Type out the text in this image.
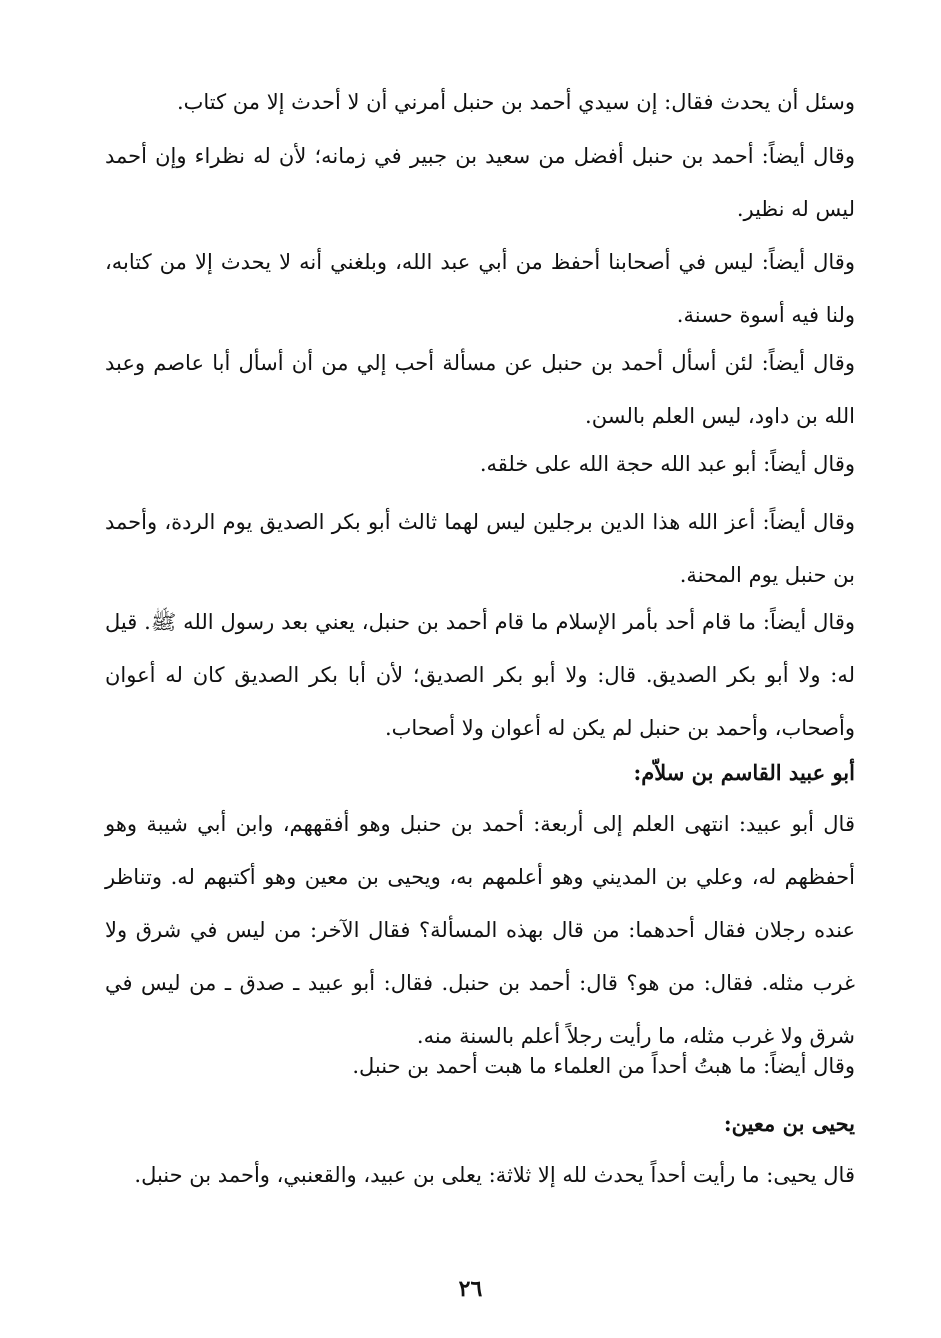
وسئل أن يحدث فقال: إن سيدي أحمد بن حنبل أمرني أن لا أحدث إلا من كتاب.
وقال أيضاً: أحمد بن حنبل أفضل من سعيد بن جبير في زمانه؛ لأن له نظراء وإن أحمد ليس له نظير.
وقال أيضاً: ليس في أصحابنا أحفظ من أبي عبد الله، وبلغني أنه لا يحدث إلا من كتابه، ولنا فيه أسوة حسنة.
وقال أيضاً: لئن أسأل أحمد بن حنبل عن مسألة أحب إلي من أن أسأل أبا عاصم وعبد الله بن داود، ليس العلم بالسن.
وقال أيضاً: أبو عبد الله حجة الله على خلقه.
وقال أيضاً: أعز الله هذا الدين برجلين ليس لهما ثالث أبو بكر الصديق يوم الردة، وأحمد بن حنبل يوم المحنة.
وقال أيضاً: ما قام أحد بأمر الإسلام ما قام أحمد بن حنبل، يعني بعد رسول الله ﷺ. قيل له: ولا أبو بكر الصديق. قال: ولا أبو بكر الصديق؛ لأن أبا بكر الصديق كان له أعوان وأصحاب، وأحمد بن حنبل لم يكن له أعوان ولا أصحاب.
أبو عبيد القاسم بن سلاّم:
قال أبو عبيد: انتهى العلم إلى أربعة: أحمد بن حنبل وهو أفقههم، وابن أبي شيبة وهو أحفظهم له، وعلي بن المديني وهو أعلمهم به، ويحيى بن معين وهو أكتبهم له. وتناظر عنده رجلان فقال أحدهما: من قال بهذه المسألة؟ فقال الآخر: من ليس في شرق ولا غرب مثله. فقال: من هو؟ قال: أحمد بن حنبل. فقال: أبو عبيد ـ صدق ـ من ليس في شرق ولا غرب مثله، ما رأيت رجلاً أعلم بالسنة منه.
وقال أيضاً: ما هبتُ أحداً من العلماء ما هبت أحمد بن حنبل.
يحيى بن معين:
قال يحيى: ما رأيت أحداً يحدث لله إلا ثلاثة: يعلى بن عبيد، والقعنبي، وأحمد بن حنبل.
٢٦
